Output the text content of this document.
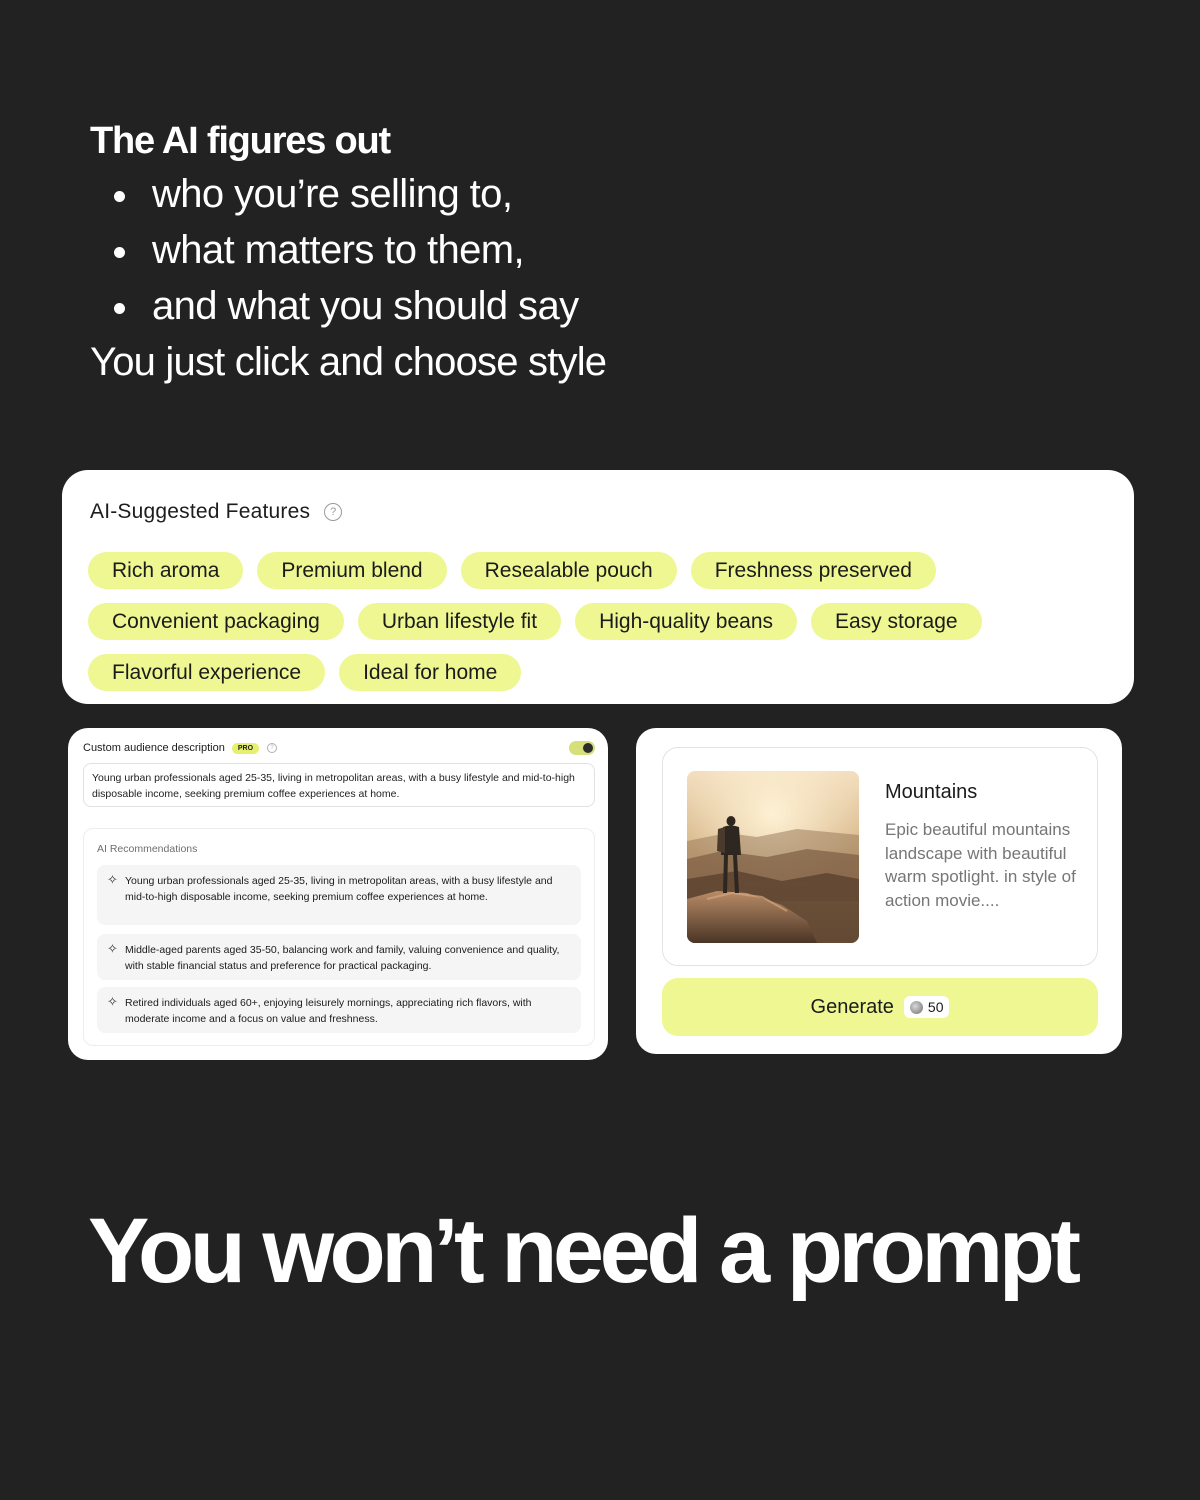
The AI figures out
who you’re selling to,
what matters to them,
and what you should say

You just click and choose style

AI-Suggested Features	?
Rich aroma	Premium blend	Resealable pouch	Freshness preserved
Convenient packaging	Urban lifestyle fit	High-quality beans	Easy storage
Flavorful experience	Ideal for home
Custom audience description	PRO	?
Young urban professionals aged 25-35, living in metropolitan areas, with a busy lifestyle and mid-to-high disposable income, seeking premium coffee experiences at home.
AI Recommendations
✧ Young urban professionals aged 25-35, living in metropolitan areas, with a busy lifestyle and mid-to-high disposable income, seeking premium coffee experiences at home.
✧ Middle-aged parents aged 35-50, balancing work and family, valuing convenience and quality, with stable financial status and preference for practical packaging.
✧ Retired individuals aged 60+, enjoying leisurely mornings, appreciating rich flavors, with moderate income and a focus on value and freshness.
Mountains
Epic beautiful mountains landscape with beautiful warm spotlight. in style of action movie....
Generate 50
You won’t need a prompt
